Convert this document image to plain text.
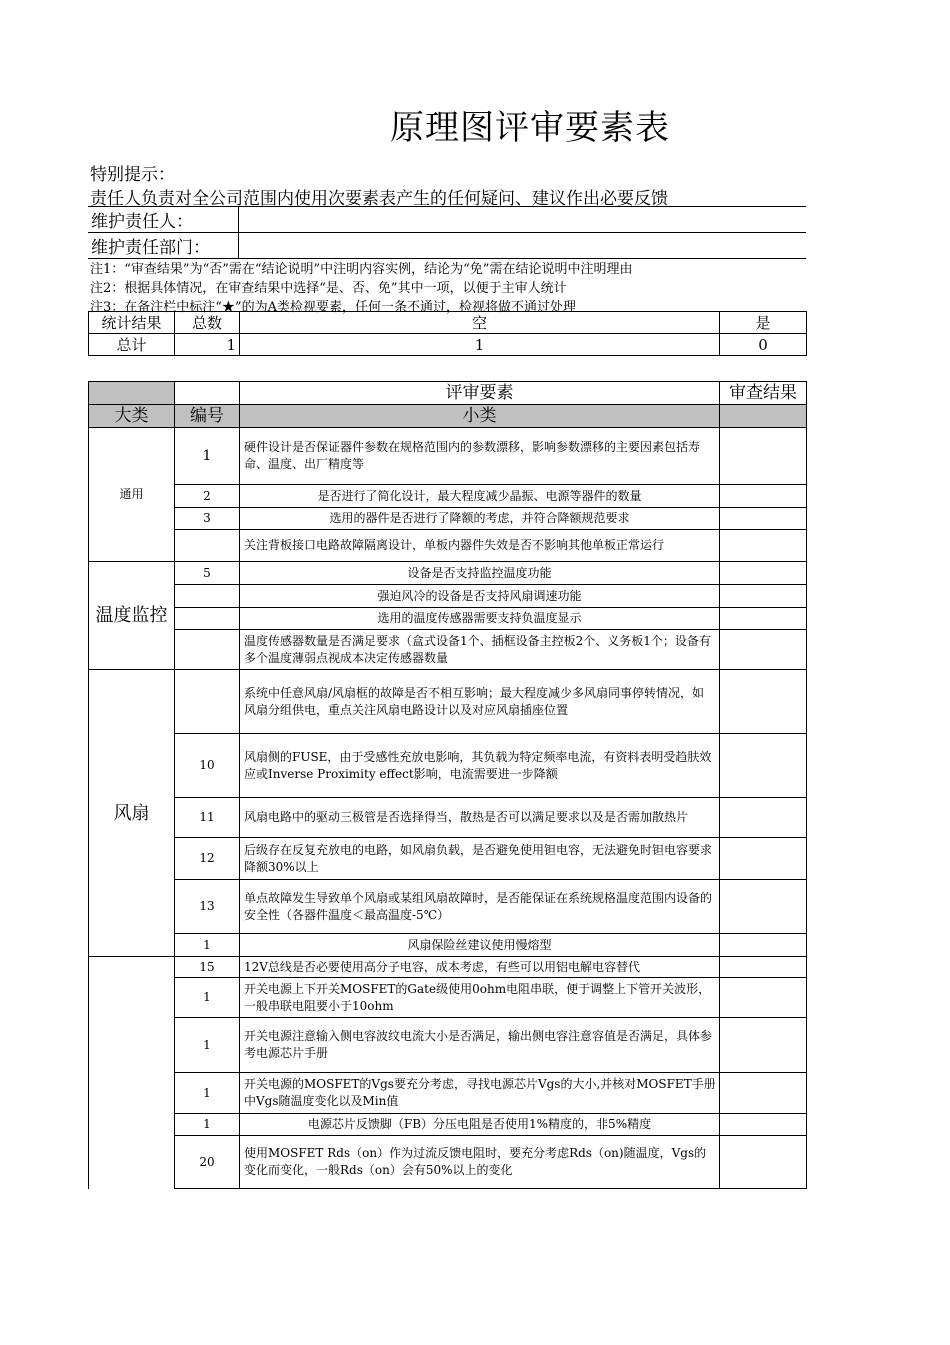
原理图评审要素表
特别提示：
责任人负责对全公司范围内使用次要素表产生的任何疑问、建议作出必要反馈
维护责任人：	
维护责任部门：	
注1：“审查结果”为“否”需在“结论说明”中注明内容实例，结论为“免”需在结论说明中注明理由
注2：根据具体情况，在审查结果中选择“是、否、免”其中一项，以便于主审人统计
注3：在备注栏中标注“★”的为A类检视要素，任何一条不通过，检视将做不通过处理
统计结果	总数	空	是
总计	1	1	0
		评审要素	审查结果
大类	编号	小类	
通用	1	硬件设计是否保证器件参数在规格范围内的参数漂移，影响参数漂移的主要因素包括寿命、温度、出厂精度等	
	2	是否进行了简化设计，最大程度减少晶振、电源等器件的数量	
	3	选用的器件是否进行了降额的考虑，并符合降额规范要求	
		关注背板接口电路故障隔离设计，单板内器件失效是否不影响其他单板正常运行	
温度监控	5	设备是否支持监控温度功能	
		强迫风冷的设备是否支持风扇调速功能	
		选用的温度传感器需要支持负温度显示	
		温度传感器数量是否满足要求（盒式设备1个、插框设备主控板2个、义务板1个；设备有多个温度薄弱点视成本决定传感器数量	
风扇		系统中任意风扇/风扇框的故障是否不相互影响；最大程度减少多风扇同事停转情况，如风扇分组供电，重点关注风扇电路设计以及对应风扇插座位置	
	10	风扇侧的FUSE，由于受感性充放电影响，其负载为特定频率电流，有资料表明受趋肤效应或Inverse Proximity effect影响，电流需要进一步降额	
	11	风扇电路中的驱动三极管是否选择得当，散热是否可以满足要求以及是否需加散热片	
	12	后级存在反复充放电的电路，如风扇负载，是否避免使用钽电容，无法避免时钽电容要求降额30%以上	
	13	单点故障发生导致单个风扇或某组风扇故障时，是否能保证在系统规格温度范围内设备的安全性（各器件温度＜最高温度-5℃）	
	1	风扇保险丝建议使用慢熔型	
	15	12V总线是否必要使用高分子电容，成本考虑，有些可以用铝电解电容替代	
	1	开关电源上下开关MOSFET的Gate级使用0ohm电阻串联，便于调整上下管开关波形，一般串联电阻要小于10ohm	
	1	开关电源注意输入侧电容波纹电流大小是否满足，输出侧电容注意容值是否满足，具体参考电源芯片手册	
	1	开关电源的MOSFET的Vgs要充分考虑，寻找电源芯片Vgs的大小,并核对MOSFET手册中Vgs随温度变化以及Min值	
	1	电源芯片反馈脚（FB）分压电阻是否使用1%精度的，非5%精度	
	20	使用MOSFET Rds（on）作为过流反馈电阻时，要充分考虑Rds（on)随温度，Vgs的变化而变化，一般Rds（on）会有50%以上的变化	
